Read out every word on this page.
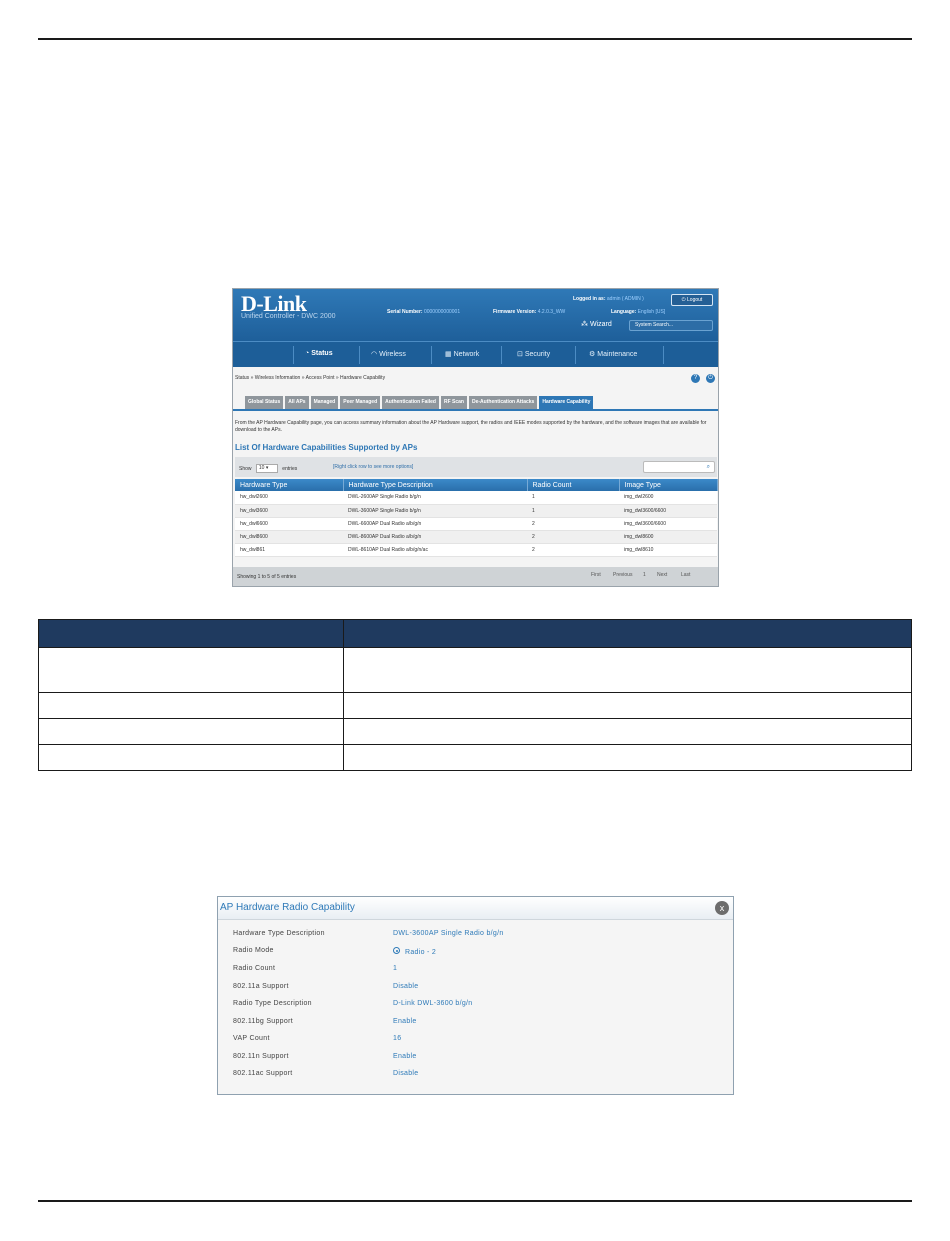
D-Link
Unified Controller - DWC 2000
Logged in as: admin ( ADMIN )	⏻ Logout
Serial Number: 0000000000001	Firmware Version: 4.2.0.3_WW	Language: English [US]
⁂ Wizard	System Search...
◔ Status	◠ Wireless	▦ Network	⊡ Security	⚙ Maintenance
Status » Wireless Information » Access Point » Hardware Capability	?	⏻
Global Status	All APs	Managed	Peer Managed	Authentication Failed	RF Scan	De-Authentication Attacks	Hardware Capability
From the AP Hardware Capability page, you can access summary information about the AP Hardware support, the radios and IEEE modes supported by the hardware, and the software images that are available for download to the APs.
List Of Hardware Capabilities Supported by APs
Show 10 ▾	entries	[Right click row to see more options]	⌕
Hardware Type	Hardware Type Description	Radio Count	Image Type
hw_dwl2600	DWL-2600AP Single Radio b/g/n	1	img_dwl2600
hw_dwl3600	DWL-3600AP Single Radio b/g/n	1	img_dwl3600/6600
hw_dwl6600	DWL-6600AP Dual Radio a/b/g/n	2	img_dwl3600/6600
hw_dwl8600	DWL-8600AP Dual Radio a/b/g/n	2	img_dwl8600
hw_dwl861	DWL-8610AP Dual Radio a/b/g/n/ac	2	img_dwl8610
Showing 1 to 5 of 5 entries	First Previous 1 Next	Last

AP Hardware Radio Capability	x
Hardware Type Description	DWL-3600AP Single Radio b/g/n
Radio Mode	Radio - 2
Radio Count	1
802.11a Support	Disable
Radio Type Description	D-Link DWL-3600 b/g/n
802.11bg Support	Enable
VAP Count	16
802.11n Support	Enable
802.11ac Support	Disable
